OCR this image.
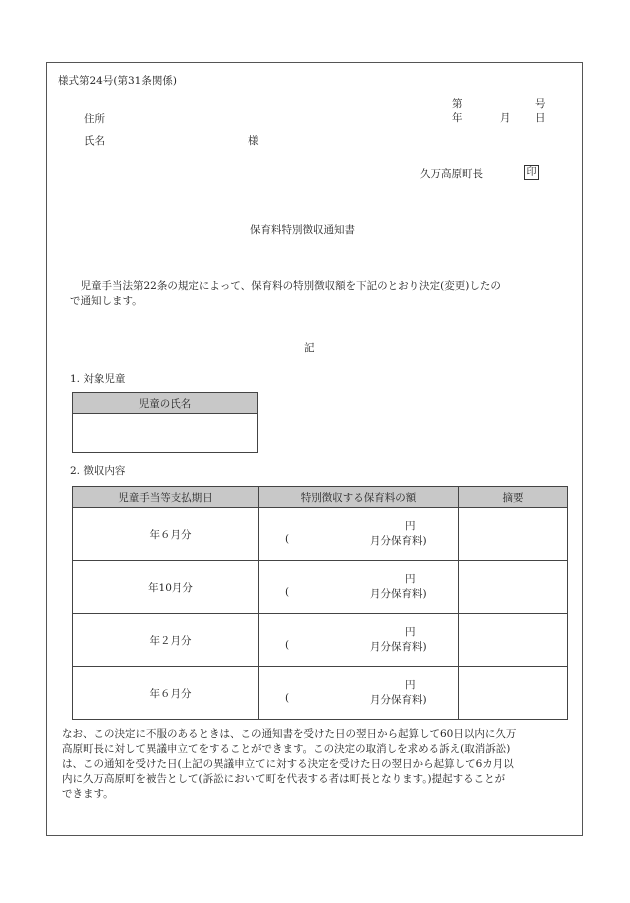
様式第24号(第31条関係)
第	号
年	月 日
住所
氏名	様
久万高原町長	印
保育料特別徴収通知書
　児童手当法第22条の規定によって、保育料の特別徴収額を下記のとおり決定(変更)したの
で通知します。
記
1. 対象児童
児童の氏名

2. 徴収内容
児童手当等支払期日	特別徴収する保育料の額	摘要
年６月分	円
( 月分保育料)	

年10月分	円
( 月分保育料)	

年２月分	円
( 月分保育料)	

年６月分	円
( 月分保育料)	

なお、この決定に不服のあるときは、この通知書を受けた日の翌日から起算して60日以内に久万
高原町長に対して異議申立てをすることができます。この決定の取消しを求める訴え(取消訴訟)
は、この通知を受けた日(上記の異議申立てに対する決定を受けた日の翌日から起算して6カ月以
内に久万高原町を被告として(訴訟において町を代表する者は町長となります。)提起することが
できます。
